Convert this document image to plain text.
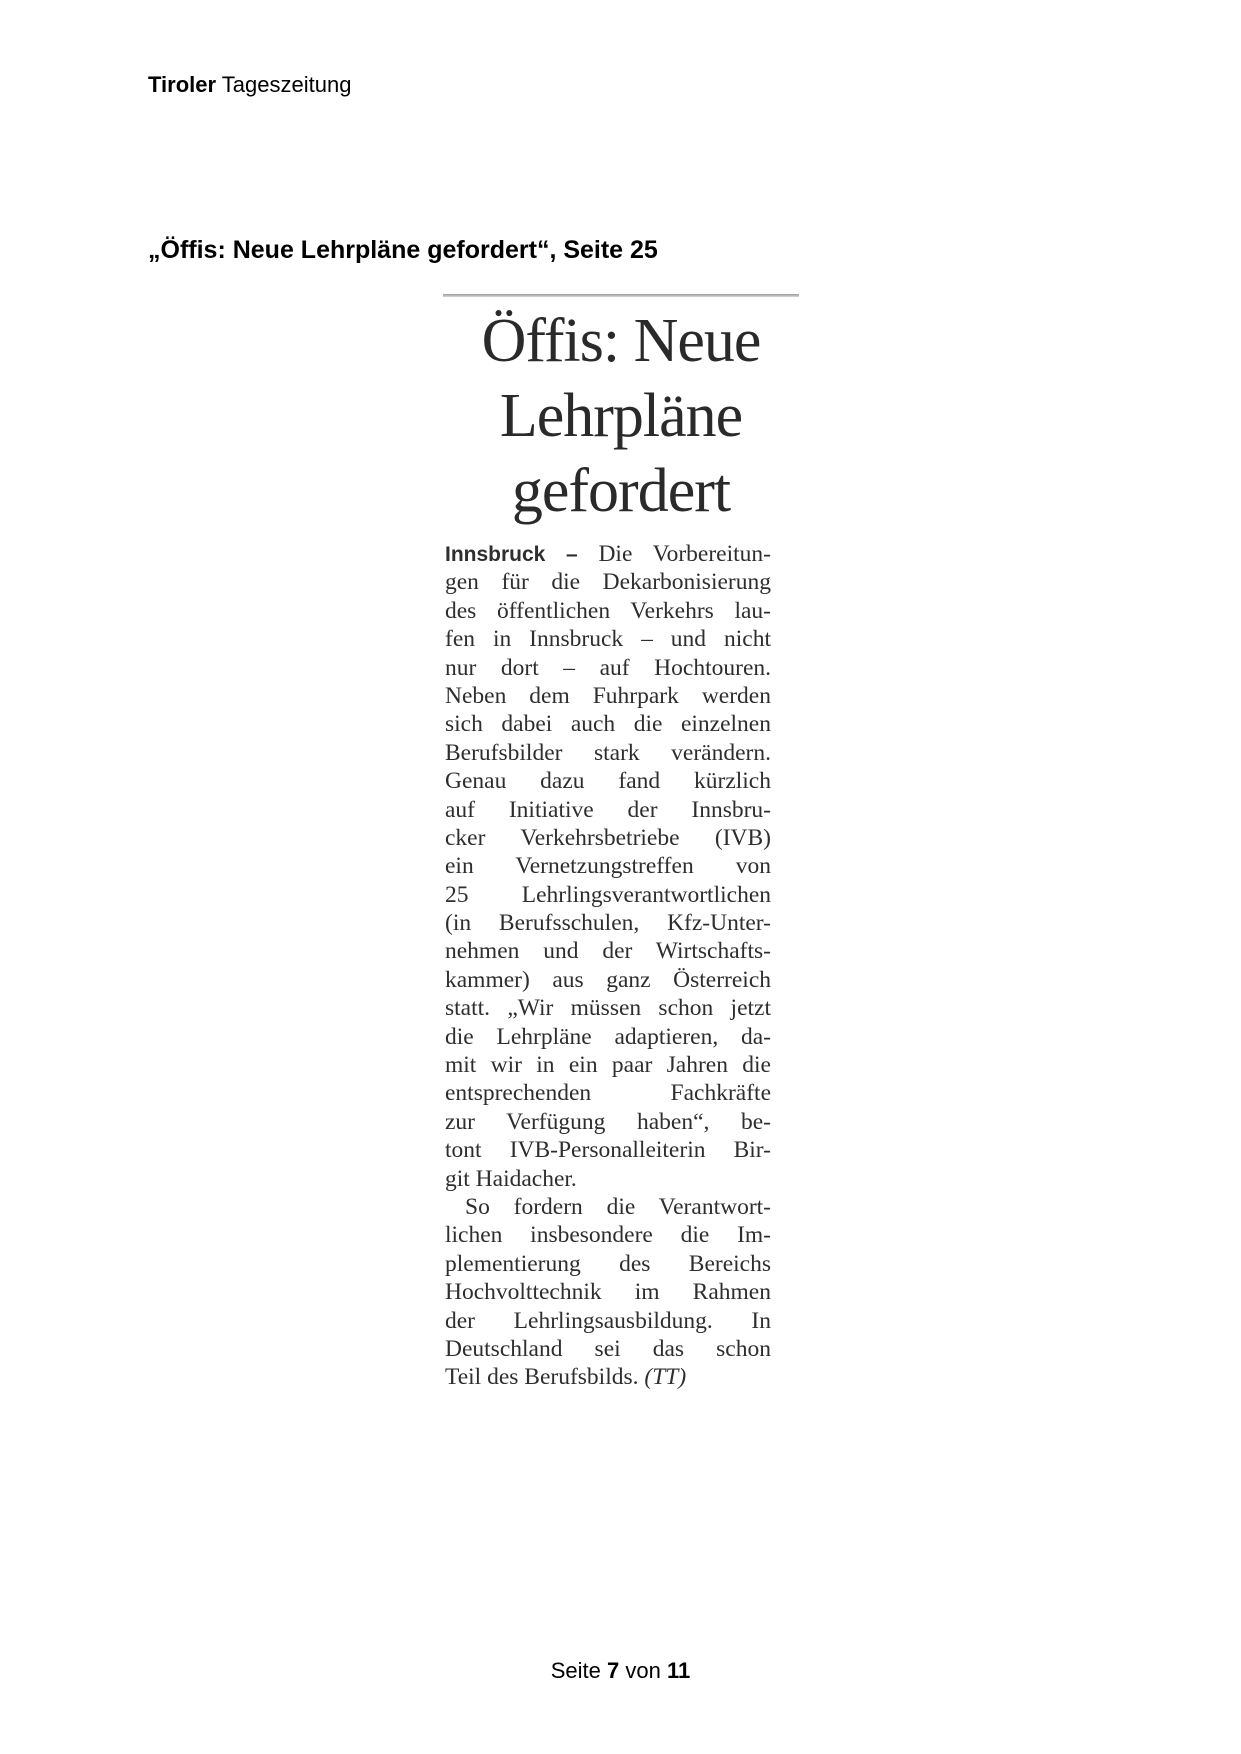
Tiroler Tageszeitung
„Öffis: Neue Lehrpläne gefordert“, Seite 25
Öffis: Neue
Lehrpläne
gefordert
Innsbruck – Die Vorbereitun-
gen für die Dekarbonisierung
des öffentlichen Verkehrs lau-
fen in Innsbruck – und nicht
nur dort – auf Hochtouren.
Neben dem Fuhrpark werden
sich dabei auch die einzelnen
Berufsbilder stark verändern.
Genau dazu fand kürzlich
auf Initiative der Innsbru-
cker Verkehrsbetriebe (IVB)
ein Vernetzungstreffen von
25 Lehrlingsverantwortlichen
(in Berufsschulen, Kfz-Unter-
nehmen und der Wirtschafts-
kammer) aus ganz Österreich
statt. „Wir müssen schon jetzt
die Lehrpläne adaptieren, da-
mit wir in ein paar Jahren die
entsprechenden Fachkräfte
zur Verfügung haben“, be-
tont IVB-Personalleiterin Bir-
git Haidacher.
So fordern die Verantwort-
lichen insbesondere die Im-
plementierung des Bereichs
Hochvolttechnik im Rahmen
der Lehrlingsausbildung. In
Deutschland sei das schon
Teil des Berufsbilds. (TT)
Seite 7 von 11
